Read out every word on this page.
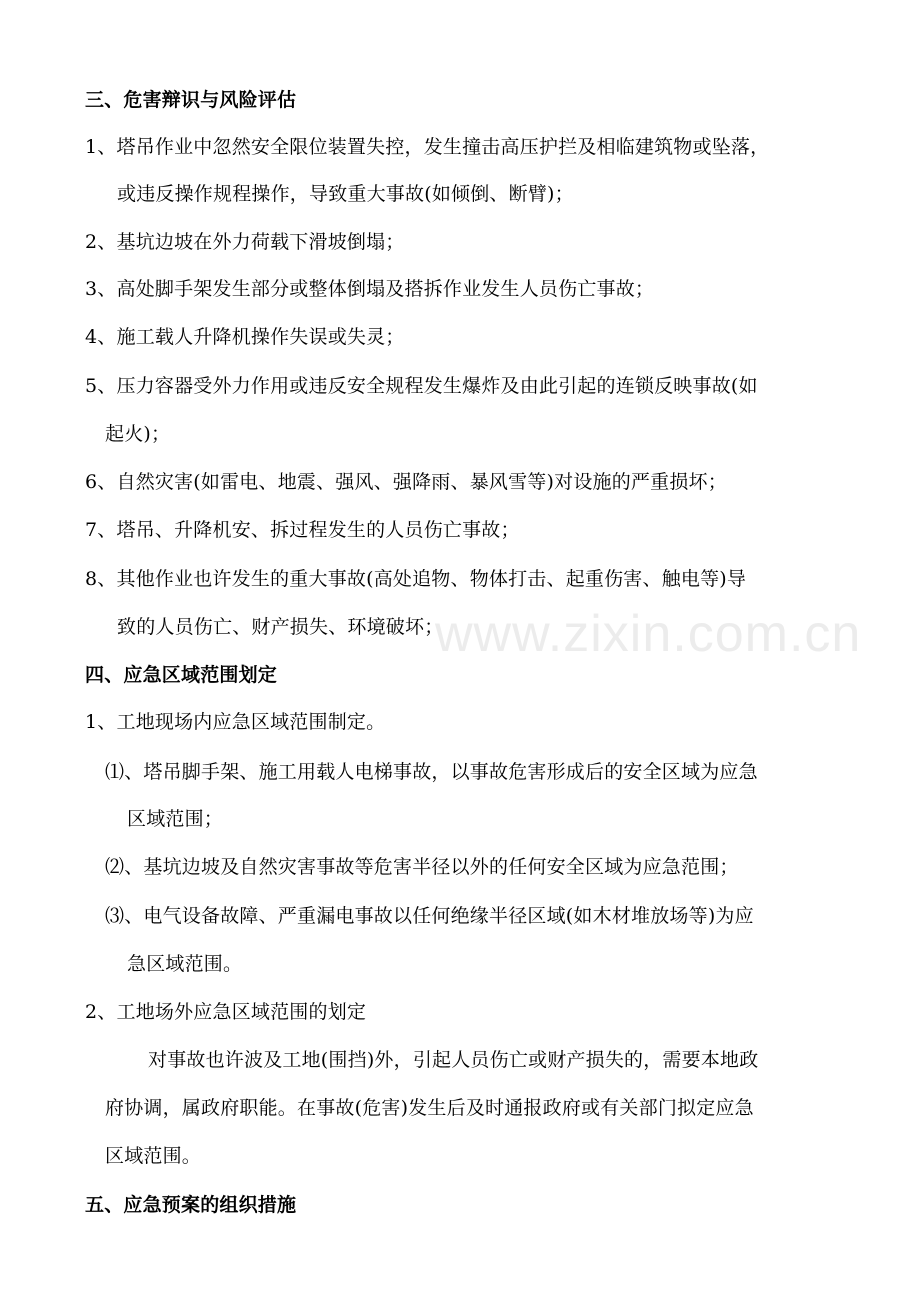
www.zixin.com.cn
三、危害辩识与风险评估
1、塔吊作业中忽然安全限位装置失控，发生撞击高压护拦及相临建筑物或坠落，
或违反操作规程操作，导致重大事故(如倾倒、断臂)；
2、基坑边坡在外力荷载下滑坡倒塌；
3、高处脚手架发生部分或整体倒塌及搭拆作业发生人员伤亡事故；
4、施工载人升降机操作失误或失灵；
5、压力容器受外力作用或违反安全规程发生爆炸及由此引起的连锁反映事故(如
起火)；
6、自然灾害(如雷电、地震、强风、强降雨、暴风雪等)对设施的严重损坏；
7、塔吊、升降机安、拆过程发生的人员伤亡事故；
8、其他作业也许发生的重大事故(高处追物、物体打击、起重伤害、触电等)导
致的人员伤亡、财产损失、环境破坏；
四、应急区域范围划定
1、工地现场内应急区域范围制定。
⑴、塔吊脚手架、施工用载人电梯事故，以事故危害形成后的安全区域为应急
区域范围；
⑵、基坑边坡及自然灾害事故等危害半径以外的任何安全区域为应急范围；
⑶、电气设备故障、严重漏电事故以任何绝缘半径区域(如木材堆放场等)为应
急区域范围。
2、工地场外应急区域范围的划定
对事故也许波及工地(围挡)外，引起人员伤亡或财产损失的，需要本地政
府协调，属政府职能。在事故(危害)发生后及时通报政府或有关部门拟定应急
区域范围。
五、应急预案的组织措施
